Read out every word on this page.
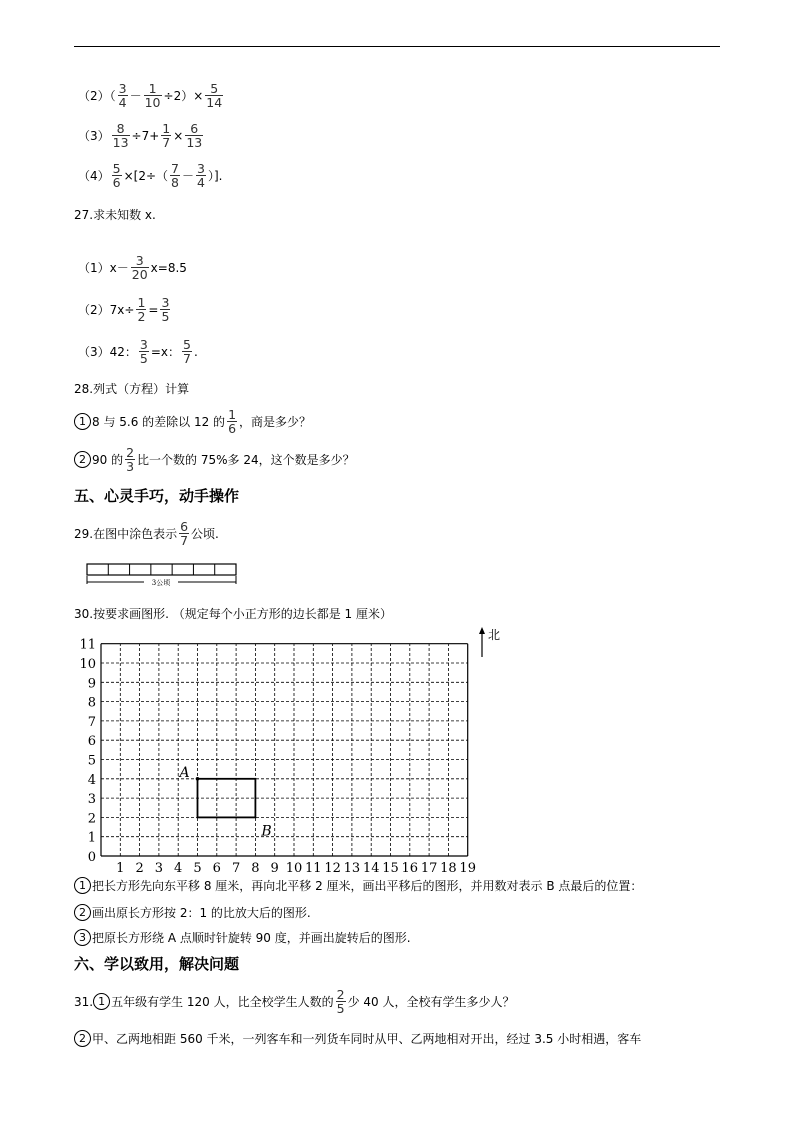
$(2)( \frac{3}{4} - \frac{1}{10} \div 2)\times \frac{5}{14}$
$(3) \frac{8}{13} \div 7+ \frac{1}{7} \times \frac{6}{13}$
$(4) \frac{5}{6} \times[2\div( \frac{7}{8} - \frac{3}{4}$ ）].
27.求未知数 x.
$(1)x- \frac{3}{20} x=8.5$
$(2)7x\div \frac{1}{2} = \frac{3}{5}$
（3）42： $\frac{3}{5} =x$： $\frac{5}{7}$ .
28.列式（方程）计算
1 8 与 5.6 的差除以 12 的 $\frac{1}{6}$ ，商是多少？
2 90 的 $\frac{2}{3}$ 比一个数的 75%多 24，这个数是多少？
五、心灵手巧，动手操作
29.在图中涂色表示 $\frac{6}{7}$ 公顷.
3公顷
30.按要求画图形. （规定每个小正方形的边长都是 1 厘米）
0
1
2
3
4
5
6
7
8
9
10
11
1 2 3 4 5 6 7 8 9 10 11 12 13 14 15 16 17 18 19
A
B
北
1 把长方形先向东平移 8 厘米，再向北平移 2 厘米，画出平移后的图形，并用数对表示 B 点最后的位置：
2 画出原长方形按 2：1 的比放大后的图形.
3 把原长方形绕 A 点顺时针旋转 90 度，并画出旋转后的图形.
六、学以致用，解决问题
31. 1 五年级有学生 120 人，比全校学生人数的 $\frac{2}{5}$ 少 40 人，全校有学生多少人？
2 甲、乙两地相距 560 千米，一列客车和一列货车同时从甲、乙两地相对开出，经过 3.5 小时相遇，客车
